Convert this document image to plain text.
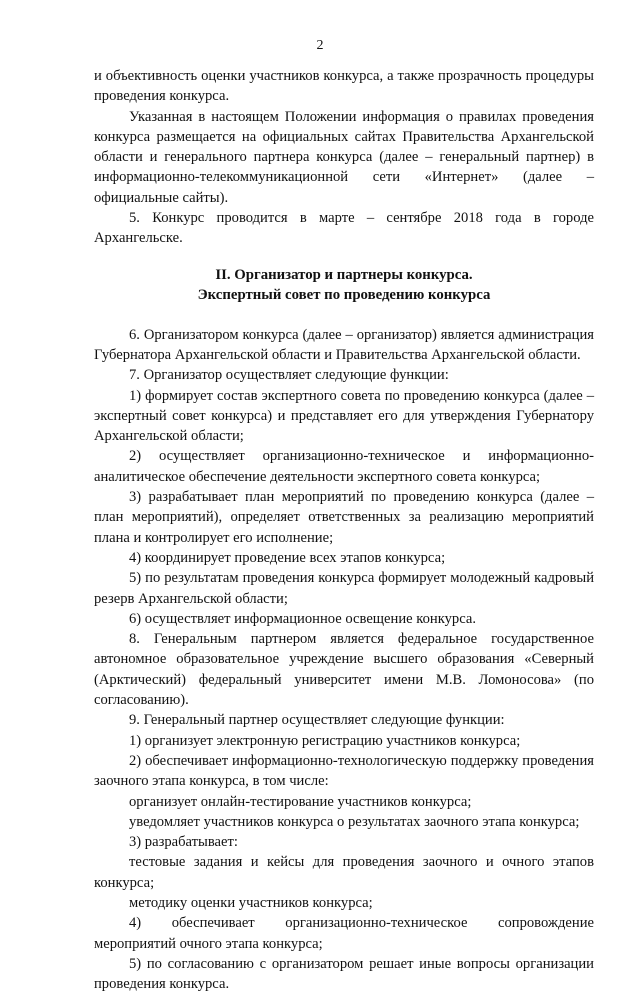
2

и объективность оценки участников конкурса, а также прозрачность процедуры проведения конкурса.

Указанная в настоящем Положении информация о правилах проведения конкурса размещается на официальных сайтах Правительства Архангельской области и генерального партнера конкурса (далее – генеральный партнер) в информационно-телекоммуникационной сети «Интернет» (далее – официальные сайты).

5. Конкурс проводится в марте – сентябре 2018 года в городе Архангельске.

II. Организатор и партнеры конкурса.
Экспертный совет по проведению конкурса

6. Организатором конкурса (далее – организатор) является администрация Губернатора Архангельской области и Правительства Архангельской области.

7. Организатор осуществляет следующие функции:

1) формирует состав экспертного совета по проведению конкурса (далее – экспертный совет конкурса) и представляет его для утверждения Губернатору Архангельской области;

2) осуществляет организационно-техническое и информационно-аналитическое обеспечение деятельности экспертного совета конкурса;

3) разрабатывает план мероприятий по проведению конкурса (далее – план мероприятий), определяет ответственных за реализацию мероприятий плана и контролирует его исполнение;

4) координирует проведение всех этапов конкурса;

5) по результатам проведения конкурса формирует молодежный кадровый резерв Архангельской области;

6) осуществляет информационное освещение конкурса.

8. Генеральным партнером является федеральное государственное автономное образовательное учреждение высшего образования «Северный (Арктический) федеральный университет имени М.В. Ломоносова» (по согласованию).

9. Генеральный партнер осуществляет следующие функции:

1) организует электронную регистрацию участников конкурса;

2) обеспечивает информационно-технологическую поддержку проведения заочного этапа конкурса, в том числе:

организует онлайн-тестирование участников конкурса;

уведомляет участников конкурса о результатах заочного этапа конкурса;

3) разрабатывает:

тестовые задания и кейсы для проведения заочного и очного этапов конкурса;

методику оценки участников конкурса;

4) обеспечивает организационно-техническое сопровождение мероприятий очного этапа конкурса;

5) по согласованию с организатором решает иные вопросы организации проведения конкурса.
